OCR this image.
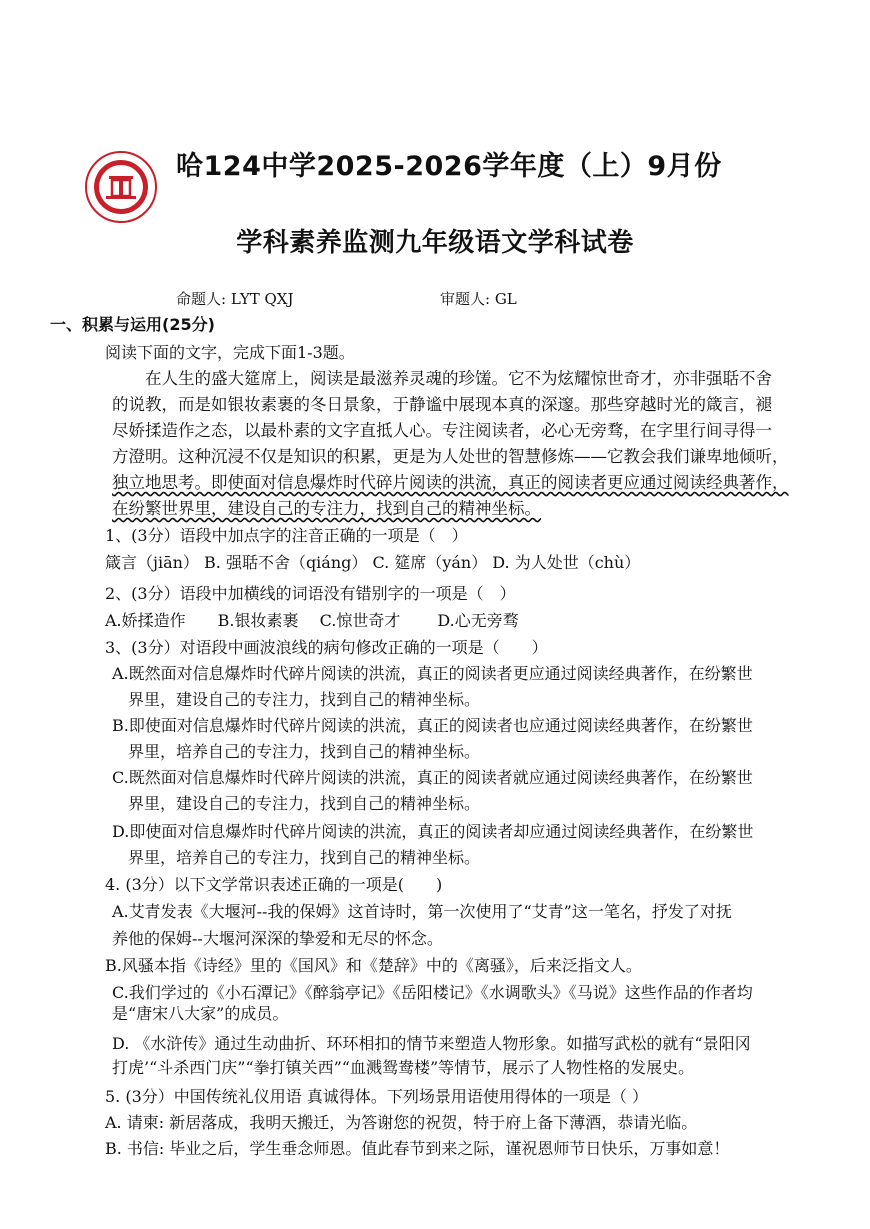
哈124中学2025-2026学年度（上）9月份
学科素养监测九年级语文学科试卷
命题人: LYT QXJ	审题人: GL
一、积累与运用(25分)
阅读下面的文字，完成下面1-3题。
　　在人生的盛大筵席上，阅读是最滋养灵魂的珍馐。它不为炫耀惊世奇才，亦非强聒不舍
的说教，而是如银妆素裹的冬日景象，于静谧中展现本真的深邃。那些穿越时光的箴言，褪
尽娇揉造作之态，以最朴素的文字直抵人心。专注阅读者，必心无旁骛，在字里行间寻得一
方澄明。这种沉浸不仅是知识的积累，更是为人处世的智慧修炼——它教会我们谦卑地倾听，
独立地思考。即使面对信息爆炸时代碎片阅读的洪流，真正的阅读者更应通过阅读经典著作，
在纷繁世界里，建设自己的专注力，找到自己的精神坐标。
1、(3分）语段中加点字的注音正确的一项是（　）
箴言（jiān） B. 强聒不舍（qiáng） C. 筵席（yán） D. 为人处世（chù）
2、(3分）语段中加横线的词语没有错别字的一项是（　）
A.娇揉造作　　B.银妆素裹　 C.惊世奇才　　 D.心无旁骛
3、(3分）对语段中画波浪线的病句修改正确的一项是（　　）
A.既然面对信息爆炸时代碎片阅读的洪流，真正的阅读者更应通过阅读经典著作，在纷繁世
界里，建设自己的专注力，找到自己的精神坐标。
B.即使面对信息爆炸时代碎片阅读的洪流，真正的阅读者也应通过阅读经典著作，在纷繁世
界里，培养自己的专注力，找到自己的精神坐标。
C.既然面对信息爆炸时代碎片阅读的洪流，真正的阅读者就应通过阅读经典著作，在纷繁世
界里，建设自己的专注力，找到自己的精神坐标。
D.即使面对信息爆炸时代碎片阅读的洪流，真正的阅读者却应通过阅读经典著作，在纷繁世
界里，培养自己的专注力，找到自己的精神坐标。
4. (3分）以下文学常识表述正确的一项是(　　)
A.艾青发表《大堰河--我的保姆》这首诗时，第一次使用了“艾青”这一笔名，抒发了对抚
养他的保姆--大堰河深深的挚爱和无尽的怀念。
B.风骚本指《诗经》里的《国风》和《楚辞》中的《离骚》，后来泛指文人。
C.我们学过的《小石潭记》《醉翁亭记》《岳阳楼记》《水调歌头》《马说》这些作品的作者均
是“唐宋八大家”的成员。
D. 《水浒传》通过生动曲折、环环相扣的情节来塑造人物形象。如描写武松的就有“景阳冈
打虎’“斗杀西门庆”“拳打镇关西”“血溅鸳鸯楼”等情节，展示了人物性格的发展史。
5. (3分）中国传统礼仪用语 真诚得体。下列场景用语使用得体的一项是（ ）
A. 请柬: 新居落成，我明天搬迁，为答谢您的祝贺，特于府上备下薄酒，恭请光临。
B. 书信: 毕业之后，学生垂念师恩。值此春节到来之际，谨祝恩师节日快乐，万事如意！
